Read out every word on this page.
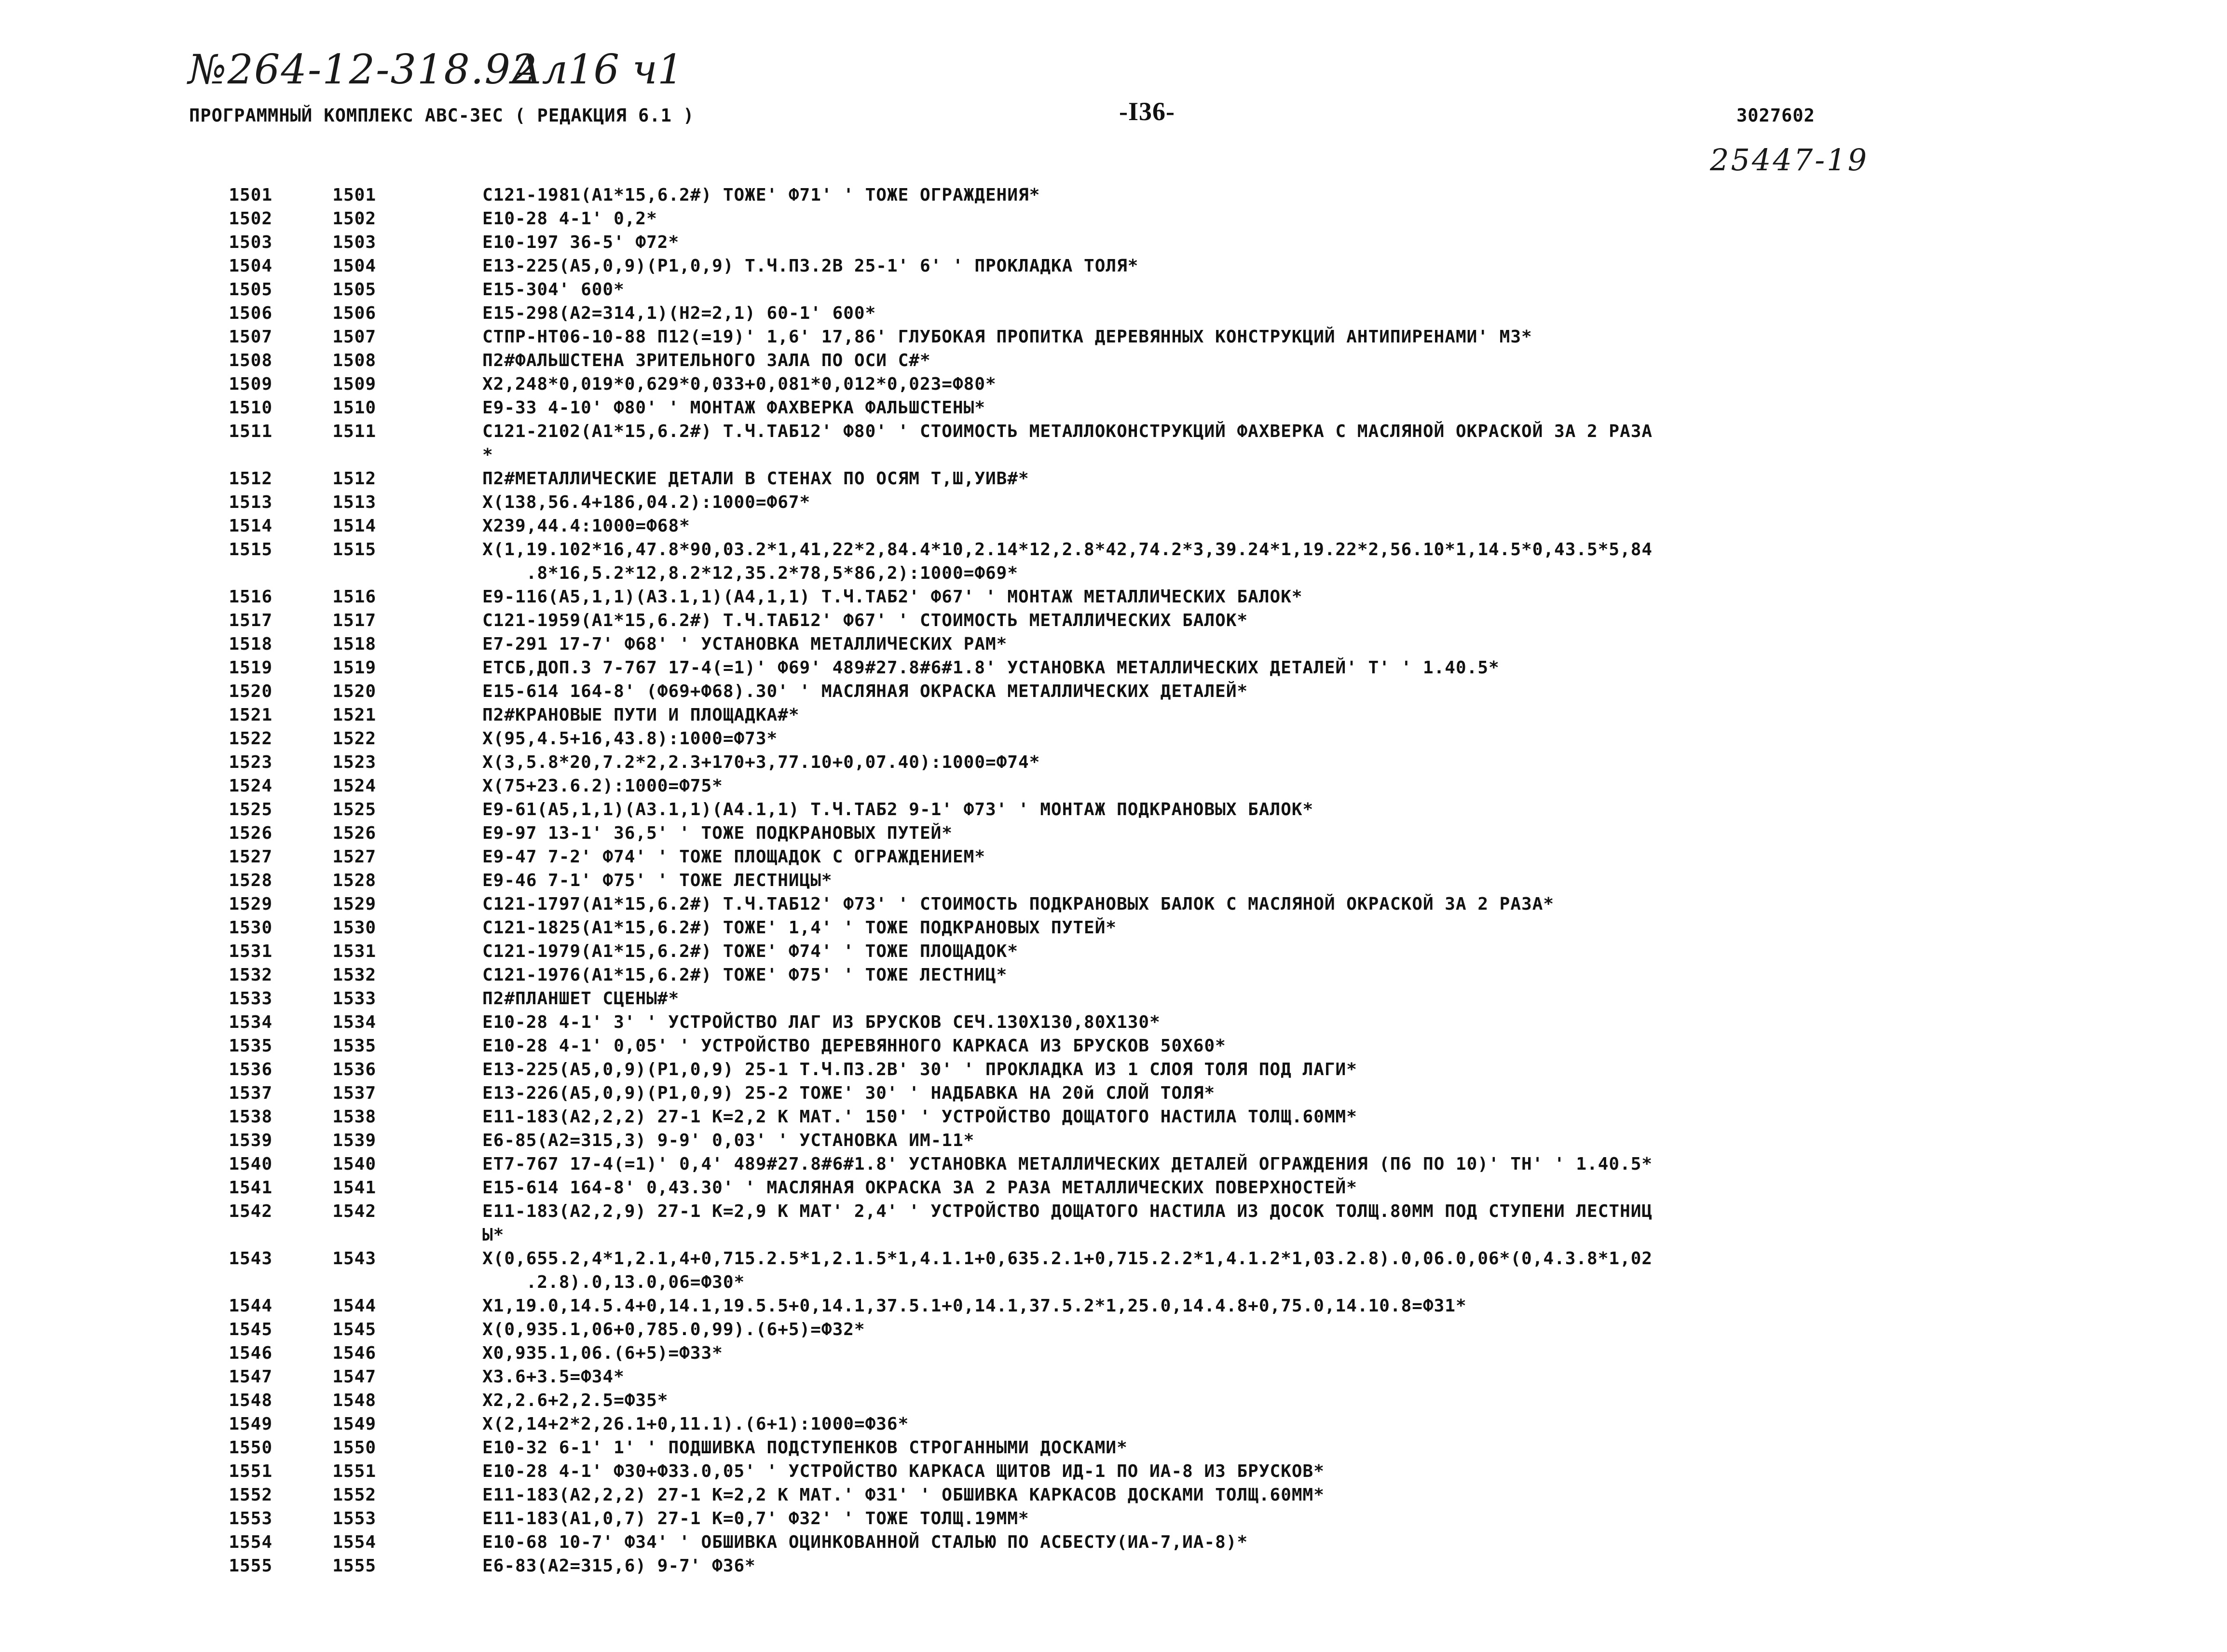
№264-12-318.92
Ал16 ч1
25447-19
ПРОГРАММНЫЙ КОМПЛЕКС АВС-3ЕС ( РЕДАКЦИЯ 6.1 )	-I36-	3027602
1501	1501	С121-1981(А1*15,6.2#) ТОЖЕ' Ф71' ' ТОЖЕ ОГРАЖДЕНИЯ*
1502	1502	Е10-28 4-1' 0,2*
1503	1503	Е10-197 36-5' Ф72*
1504	1504	Е13-225(А5,0,9)(Р1,0,9) Т.Ч.П3.2В 25-1' 6' ' ПРОКЛАДКА ТОЛЯ*
1505	1505	Е15-304' 600*
1506	1506	Е15-298(А2=314,1)(Н2=2,1) 60-1' 600*
1507	1507	СТПР-НТ06-10-88 П12(=19)' 1,6' 17,86' ГЛУБОКАЯ ПРОПИТКА ДЕРЕВЯННЫХ КОНСТРУКЦИЙ АНТИПИРЕНАМИ' М3*
1508	1508	П2#ФАЛЬШСТЕНА ЗРИТЕЛЬНОГО ЗАЛА ПО ОСИ С#*
1509	1509	Х2,248*0,019*0,629*0,033+0,081*0,012*0,023=Ф80*
1510	1510	Е9-33 4-10' Ф80' ' МОНТАЖ ФАХВЕРКА ФАЛЬШСТЕНЫ*
1511	1511	С121-2102(А1*15,6.2#) Т.Ч.ТАБ12' Ф80' ' СТОИМОСТЬ МЕТАЛЛОКОНСТРУКЦИЙ ФАХВЕРКА С МАСЛЯНОЙ ОКРАСКОЙ ЗА 2 РАЗА
*
1512	1512	П2#МЕТАЛЛИЧЕСКИЕ ДЕТАЛИ В СТЕНАХ ПО ОСЯМ Т,Ш,УИВ#*
1513	1513	Х(138,56.4+186,04.2):1000=Ф67*
1514	1514	Х239,44.4:1000=Ф68*
1515	1515	Х(1,19.102*16,47.8*90,03.2*1,41,22*2,84.4*10,2.14*12,2.8*42,74.2*3,39.24*1,19.22*2,56.10*1,14.5*0,43.5*5,84
.8*16,5.2*12,8.2*12,35.2*78,5*86,2):1000=Ф69*
1516	1516	Е9-116(А5,1,1)(А3.1,1)(А4,1,1) Т.Ч.ТАБ2' Ф67' ' МОНТАЖ МЕТАЛЛИЧЕСКИХ БАЛОК*
1517	1517	С121-1959(А1*15,6.2#) Т.Ч.ТАБ12' Ф67' ' СТОИМОСТЬ МЕТАЛЛИЧЕСКИХ БАЛОК*
1518	1518	Е7-291 17-7' Ф68' ' УСТАНОВКА МЕТАЛЛИЧЕСКИХ РАМ*
1519	1519	ЕТСБ,ДОП.3 7-767 17-4(=1)' Ф69' 489#27.8#6#1.8' УСТАНОВКА МЕТАЛЛИЧЕСКИХ ДЕТАЛЕЙ' Т' ' 1.40.5*
1520	1520	Е15-614 164-8' (Ф69+Ф68).30' ' МАСЛЯНАЯ ОКРАСКА МЕТАЛЛИЧЕСКИХ ДЕТАЛЕЙ*
1521	1521	П2#КРАНОВЫЕ ПУТИ И ПЛОЩАДКА#*
1522	1522	Х(95,4.5+16,43.8):1000=Ф73*
1523	1523	Х(3,5.8*20,7.2*2,2.3+170+3,77.10+0,07.40):1000=Ф74*
1524	1524	Х(75+23.6.2):1000=Ф75*
1525	1525	Е9-61(А5,1,1)(А3.1,1)(А4.1,1) Т.Ч.ТАБ2 9-1' Ф73' ' МОНТАЖ ПОДКРАНОВЫХ БАЛОК*
1526	1526	Е9-97 13-1' 36,5' ' ТОЖЕ ПОДКРАНОВЫХ ПУТЕЙ*
1527	1527	Е9-47 7-2' Ф74' ' ТОЖЕ ПЛОЩАДОК С ОГРАЖДЕНИЕМ*
1528	1528	Е9-46 7-1' Ф75' ' ТОЖЕ ЛЕСТНИЦЫ*
1529	1529	С121-1797(А1*15,6.2#) Т.Ч.ТАБ12' Ф73' ' СТОИМОСТЬ ПОДКРАНОВЫХ БАЛОК С МАСЛЯНОЙ ОКРАСКОЙ ЗА 2 РАЗА*
1530	1530	С121-1825(А1*15,6.2#) ТОЖЕ' 1,4' ' ТОЖЕ ПОДКРАНОВЫХ ПУТЕЙ*
1531	1531	С121-1979(А1*15,6.2#) ТОЖЕ' Ф74' ' ТОЖЕ ПЛОЩАДОК*
1532	1532	С121-1976(А1*15,6.2#) ТОЖЕ' Ф75' ' ТОЖЕ ЛЕСТНИЦ*
1533	1533	П2#ПЛАНШЕТ СЦЕНЫ#*
1534	1534	Е10-28 4-1' 3' ' УСТРОЙСТВО ЛАГ ИЗ БРУСКОВ СЕЧ.130Х130,80Х130*
1535	1535	Е10-28 4-1' 0,05' ' УСТРОЙСТВО ДЕРЕВЯННОГО КАРКАСА ИЗ БРУСКОВ 50Х60*
1536	1536	Е13-225(А5,0,9)(Р1,0,9) 25-1 Т.Ч.П3.2В' 30' ' ПРОКЛАДКА ИЗ 1 СЛОЯ ТОЛЯ ПОД ЛАГИ*
1537	1537	Е13-226(А5,0,9)(Р1,0,9) 25-2 ТОЖЕ' 30' ' НАДБАВКА НА 20й СЛОЙ ТОЛЯ*
1538	1538	Е11-183(А2,2,2) 27-1 К=2,2 К МАТ.' 150' ' УСТРОЙСТВО ДОЩАТОГО НАСТИЛА ТОЛЩ.60ММ*
1539	1539	Е6-85(А2=315,3) 9-9' 0,03' ' УСТАНОВКА ИМ-11*
1540	1540	ЕТ7-767 17-4(=1)' 0,4' 489#27.8#6#1.8' УСТАНОВКА МЕТАЛЛИЧЕСКИХ ДЕТАЛЕЙ ОГРАЖДЕНИЯ (П6 ПО 10)' ТН' ' 1.40.5*
1541	1541	Е15-614 164-8' 0,43.30' ' МАСЛЯНАЯ ОКРАСКА ЗА 2 РАЗА МЕТАЛЛИЧЕСКИХ ПОВЕРХНОСТЕЙ*
1542	1542	Е11-183(А2,2,9) 27-1 К=2,9 К МАТ' 2,4' ' УСТРОЙСТВО ДОЩАТОГО НАСТИЛА ИЗ ДОСОК ТОЛЩ.80ММ ПОД СТУПЕНИ ЛЕСТНИЦ
Ы*
1543	1543	Х(0,655.2,4*1,2.1,4+0,715.2.5*1,2.1.5*1,4.1.1+0,635.2.1+0,715.2.2*1,4.1.2*1,03.2.8).0,06.0,06*(0,4.3.8*1,02
.2.8).0,13.0,06=Ф30*
1544	1544	Х1,19.0,14.5.4+0,14.1,19.5.5+0,14.1,37.5.1+0,14.1,37.5.2*1,25.0,14.4.8+0,75.0,14.10.8=Ф31*
1545	1545	Х(0,935.1,06+0,785.0,99).(6+5)=Ф32*
1546	1546	Х0,935.1,06.(6+5)=Ф33*
1547	1547	Х3.6+3.5=Ф34*
1548	1548	Х2,2.6+2,2.5=Ф35*
1549	1549	Х(2,14+2*2,26.1+0,11.1).(6+1):1000=Ф36*
1550	1550	Е10-32 6-1' 1' ' ПОДШИВКА ПОДСТУПЕНКОВ СТРОГАННЫМИ ДОСКАМИ*
1551	1551	Е10-28 4-1' Ф30+Ф33.0,05' ' УСТРОЙСТВО КАРКАСА ЩИТОВ ИД-1 ПО ИА-8 ИЗ БРУСКОВ*
1552	1552	Е11-183(А2,2,2) 27-1 К=2,2 К МАТ.' Ф31' ' ОБШИВКА КАРКАСОВ ДОСКАМИ ТОЛЩ.60ММ*
1553	1553	Е11-183(А1,0,7) 27-1 К=0,7' Ф32' ' ТОЖЕ ТОЛЩ.19ММ*
1554	1554	Е10-68 10-7' Ф34' ' ОБШИВКА ОЦИНКОВАННОЙ СТАЛЬЮ ПО АСБЕСТУ(ИА-7,ИА-8)*
1555	1555	Е6-83(А2=315,6) 9-7' Ф36*
